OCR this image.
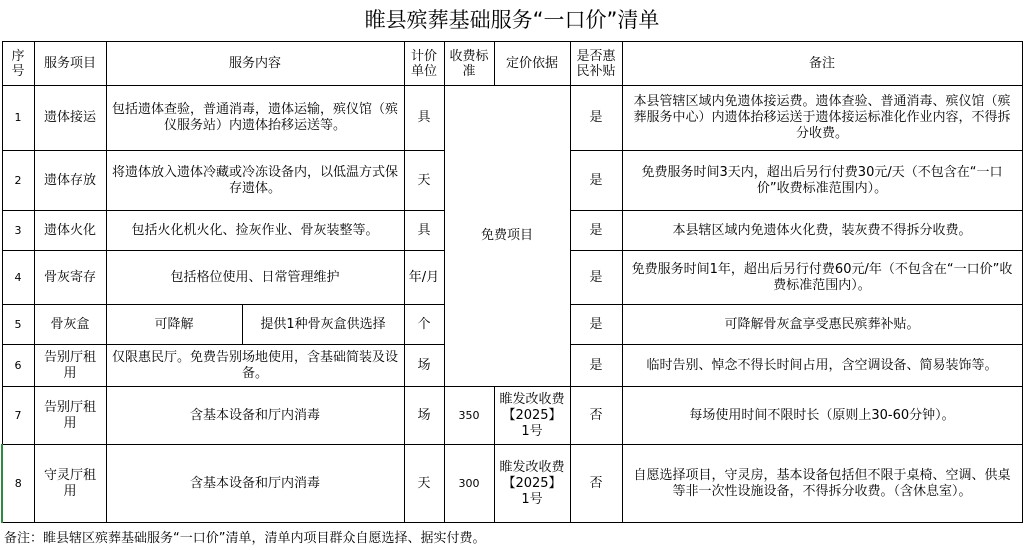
睢县殡葬基础服务“一口价”清单
序号	服务项目	服务内容		计价单位	收费标准	定价依据	是否惠民补贴	备注
1	遗体接运	包括遗体查验，普通消毒，遗体运输，殡仪馆（殡仪服务站）内遗体抬移运送等。		具	免费项目		是	本县管辖区域内免遗体接运费。遗体查验、普通消毒、殡仪馆（殡葬服务中心）内遗体抬移运送于遗体接运标准化作业内容，不得拆分收费。
2	遗体存放	将遗体放入遗体冷藏或冷冻设备内，以低温方式保存遗体。		天			是	免费服务时间3天内，超出后另行付费30元/天（不包含在“一口价”收费标准范围内）。
3	遗体火化	包括火化机火化、捡灰作业、骨灰装整等。		具			是	本县辖区域内免遗体火化费，装灰费不得拆分收费。
4	骨灰寄存	包括格位使用、日常管理维护		年/月			是	免费服务时间1年，超出后另行付费60元/年（不包含在“一口价”收费标准范围内）。
5	骨灰盒	可降解	提供1种骨灰盒供选择	个			是	可降解骨灰盒享受惠民殡葬补贴。
6	告别厅租用	仅限惠民厅。免费告别场地使用，含基础简装及设备。		场			是	临时告别、悼念不得长时间占用，含空调设备、简易装饰等。
7	告别厅租用	含基本设备和厅内消毒		场	350	睢发改收费【2025】1号	否	每场使用时间不限时长（原则上30-60分钟）。
8	守灵厅租用	含基本设备和厅内消毒		天	300	睢发改收费【2025】1号	否	自愿选择项目，守灵房，基本设备包括但不限于桌椅、空调、供桌等非一次性设施设备，不得拆分收费。（含休息室）。
备注：睢县辖区殡葬基础服务“一口价”清单，清单内项目群众自愿选择、据实付费。
